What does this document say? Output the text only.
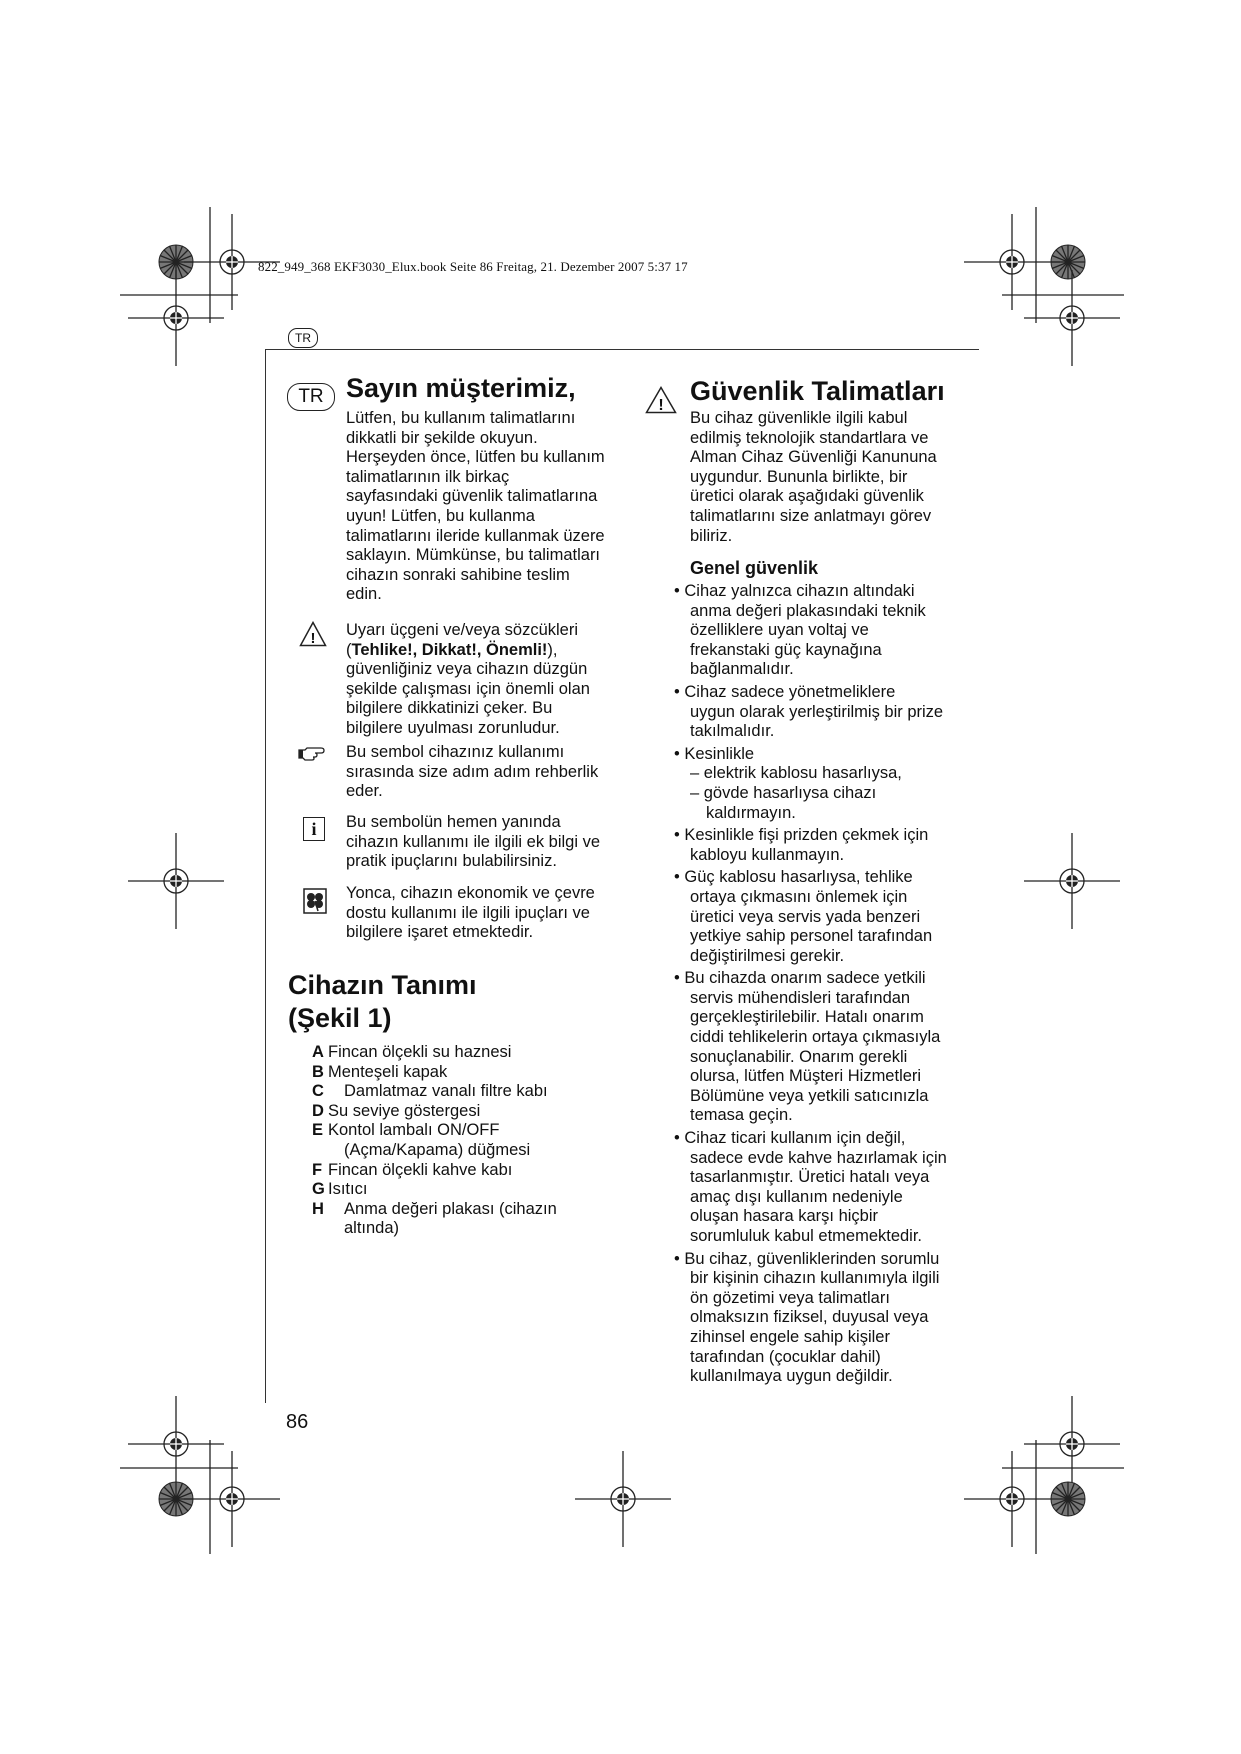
822_949_368 EKF3030_Elux.book Seite 86 Freitag, 21. Dezember 2007 5:37 17
TR
TR Sayın müşterimiz,
Lütfen, bu kullanım talimatlarını
dikkatli bir şekilde okuyun.
Herşeyden önce, lütfen bu kullanım
talimatlarının ilk birkaç
sayfasındaki güvenlik talimatlarına
uyun! Lütfen, bu kullanma
talimatlarını ileride kullanmak üzere
saklayın. Mümkünse, bu talimatları
cihazın sonraki sahibine teslim
edin.
! Uyarı üçgeni ve/veya sözcükleri
(Tehlike!, Dikkat!, Önemli!),
güvenliğiniz veya cihazın düzgün
şekilde çalışması için önemli olan
bilgilere dikkatinizi çeker. Bu
bilgilere uyulması zorunludur.
Bu sembol cihazınız kullanımı
sırasında size adım adım rehberlik
eder.
i	Bu sembolün hemen yanında
cihazın kullanımı ile ilgili ek bilgi ve
pratik ipuçlarını bulabilirsiniz.
Yonca, cihazın ekonomik ve çevre
dostu kullanımı ile ilgili ipuçları ve
bilgilere işaret etmektedir.
Cihazın Tanımı
(Şekil 1)
A Fincan ölçekli su haznesi
B Menteşeli kapak
C Damlatmaz vanalı filtre kabı
D Su seviye göstergesi
E Kontol lambalı ON/OFF
(Açma/Kapama) düğmesi
F Fincan ölçekli kahve kabı
G Isıtıcı
H Anma değeri plakası (cihazın
altında)
! Güvenlik Talimatları
Bu cihaz güvenlikle ilgili kabul
edilmiş teknolojik standartlara ve
Alman Cihaz Güvenliği Kanununa
uygundur. Bununla birlikte, bir
üretici olarak aşağıdaki güvenlik
talimatlarını size anlatmayı görev
biliriz.
Genel güvenlik
• Cihaz yalnızca cihazın altındaki
anma değeri plakasındaki teknik
özelliklere uyan voltaj ve
frekanstaki güç kaynağına
bağlanmalıdır.
• Cihaz sadece yönetmeliklere
uygun olarak yerleştirilmiş bir prize
takılmalıdır.
• Kesinlikle
– elektrik kablosu hasarlıysa,
– gövde hasarlıysa cihazı
kaldırmayın.
• Kesinlikle fişi prizden çekmek için
kabloyu kullanmayın.
• Güç kablosu hasarlıysa, tehlike
ortaya çıkmasını önlemek için
üretici veya servis yada benzeri
yetkiye sahip personel tarafından
değiştirilmesi gerekir.
• Bu cihazda onarım sadece yetkili
servis mühendisleri tarafından
gerçekleştirilebilir. Hatalı onarım
ciddi tehlikelerin ortaya çıkmasıyla
sonuçlanabilir. Onarım gerekli
olursa, lütfen Müşteri Hizmetleri
Bölümüne veya yetkili satıcınızla
temasa geçin.
• Cihaz ticari kullanım için değil,
sadece evde kahve hazırlamak için
tasarlanmıştır. Üretici hatalı veya
amaç dışı kullanım nedeniyle
oluşan hasara karşı hiçbir
sorumluluk kabul etmemektedir.
• Bu cihaz, güvenliklerinden sorumlu
bir kişinin cihazın kullanımıyla ilgili
ön gözetimi veya talimatları
olmaksızın fiziksel, duyusal veya
zihinsel engele sahip kişiler
tarafından (çocuklar dahil)
kullanılmaya uygun değildir.
86
